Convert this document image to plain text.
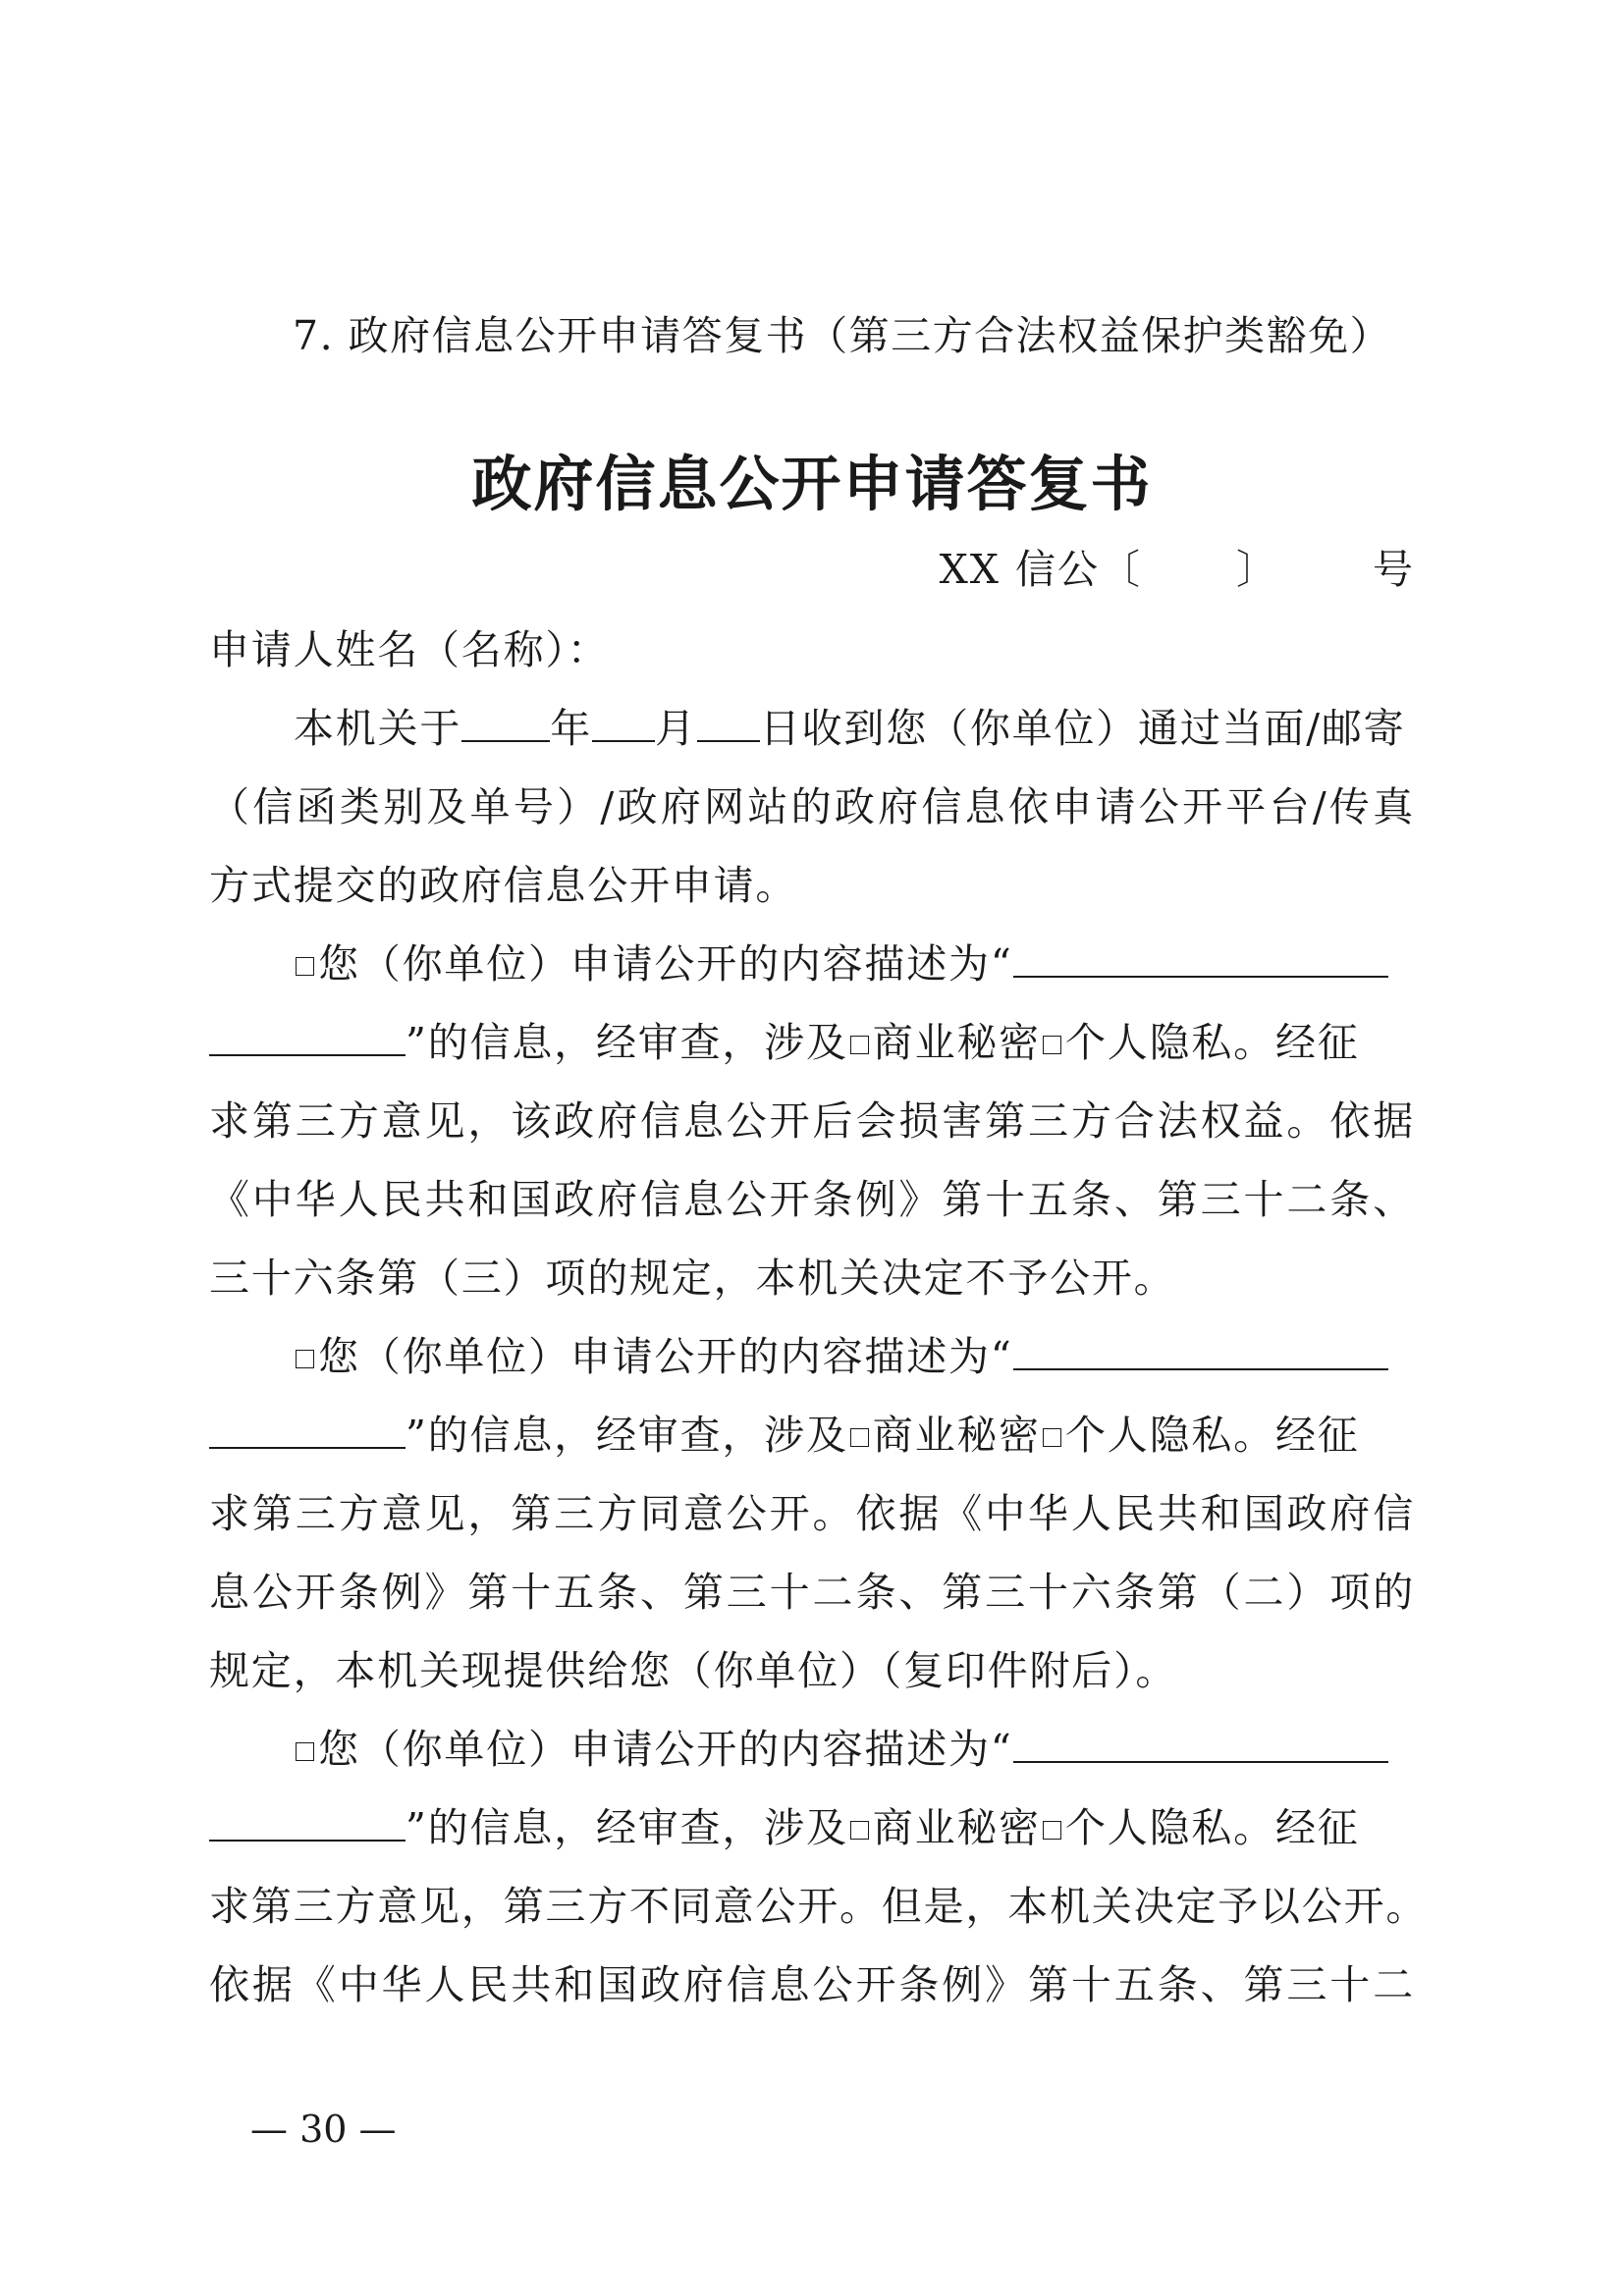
7. 政府信息公开申请答复书（第三方合法权益保护类豁免）
政府信息公开申请答复书
XX 信公〔 〕 号
申请人姓名（名称）：
本机关于 年 月 日收到您（你单位）通过当面/邮寄
（信函类别及单号）/政府网站的政府信息依申请公开平台/传真
方式提交的政府信息公开申请。
您（你单位）申请公开的内容描述为“
”的信息，经审查，涉及 商业秘密 个人隐私。经征
求第三方意见，该政府信息公开后会损害第三方合法权益。依据
《中华人民共和国政府信息公开条例》第十五条、第三十二条、
三十六条第（三）项的规定，本机关决定不予公开。
您（你单位）申请公开的内容描述为“
”的信息，经审查，涉及 商业秘密 个人隐私。经征
求第三方意见，第三方同意公开。依据《中华人民共和国政府信
息公开条例》第十五条、第三十二条、第三十六条第（二）项的
规定，本机关现提供给您（你单位）（复印件附后）。
您（你单位）申请公开的内容描述为“
”的信息，经审查，涉及 商业秘密 个人隐私。经征
求第三方意见，第三方不同意公开。但是，本机关决定予以公开。
依据《中华人民共和国政府信息公开条例》第十五条、第三十二
— 30 —
